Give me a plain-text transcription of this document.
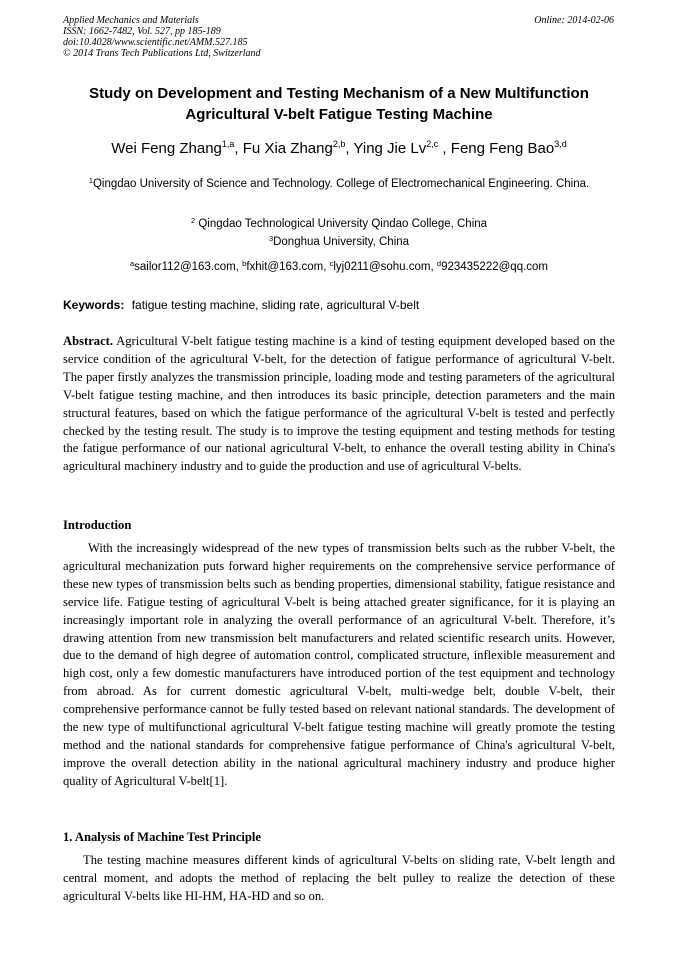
Applied Mechanics and Materials
ISSN: 1662-7482, Vol. 527, pp 185-189
doi:10.4028/www.scientific.net/AMM.527.185
© 2014 Trans Tech Publications Ltd, Switzerland
Online: 2014-02-06
Study on Development and Testing Mechanism of a New Multifunction
Agricultural V-belt Fatigue Testing Machine
Wei Feng Zhang$^{1,a}$, Fu Xia Zhang$^{2,b}$, Ying Jie Lv$^{2,c}$ , Feng Feng Bao$^{3,d}$
$^1$Qingdao University of Science and Technology. College of Electromechanical Engineering. China.
$^2$ Qingdao Technological University Qindao College, China
$^3$Donghua University, China
$^a$sailor112@163.com, $^b$fxhit@163.com, $^c$lyj0211@sohu.com, $^d$923435222@qq.com
Keywords: fatigue testing machine, sliding rate, agricultural V-belt
Abstract. Agricultural V-belt fatigue testing machine is a kind of testing equipment developed based on the service condition of the agricultural V-belt, for the detection of fatigue performance of agricultural V-belt. The paper firstly analyzes the transmission principle, loading mode and testing parameters of the agricultural V-belt fatigue testing machine, and then introduces its basic principle, detection parameters and the main structural features, based on which the fatigue performance of the agricultural V-belt is tested and perfectly checked by the testing result. The study is to improve the testing equipment and testing methods for testing the fatigue performance of our national agricultural V-belt, to enhance the overall testing ability in China's agricultural machinery industry and to guide the production and use of agricultural V-belts.
Introduction
With the increasingly widespread of the new types of transmission belts such as the rubber V-belt, the agricultural mechanization puts forward higher requirements on the comprehensive service performance of these new types of transmission belts such as bending properties, dimensional stability, fatigue resistance and service life. Fatigue testing of agricultural V-belt is being attached greater significance, for it is playing an increasingly important role in analyzing the overall performance of an agricultural V-belt. Therefore, it’s drawing attention from new transmission belt manufacturers and related scientific research units. However, due to the demand of high degree of automation control, complicated structure, inflexible measurement and high cost, only a few domestic manufacturers have introduced portion of the test equipment and technology from abroad. As for current domestic agricultural V-belt, multi-wedge belt, double V-belt, their comprehensive performance cannot be fully tested based on relevant national standards. The development of the new type of multifunctional agricultural V-belt fatigue testing machine will greatly promote the testing method and the national standards for comprehensive fatigue performance of China's agricultural V-belt, improve the overall detection ability in the national agricultural machinery industry and produce higher quality of Agricultural V-belt[1].
1. Analysis of Machine Test Principle
The testing machine measures different kinds of agricultural V-belts on sliding rate, V-belt length and central moment, and adopts the method of replacing the belt pulley to realize the detection of these agricultural V-belts like HI-HM, HA-HD and so on.
